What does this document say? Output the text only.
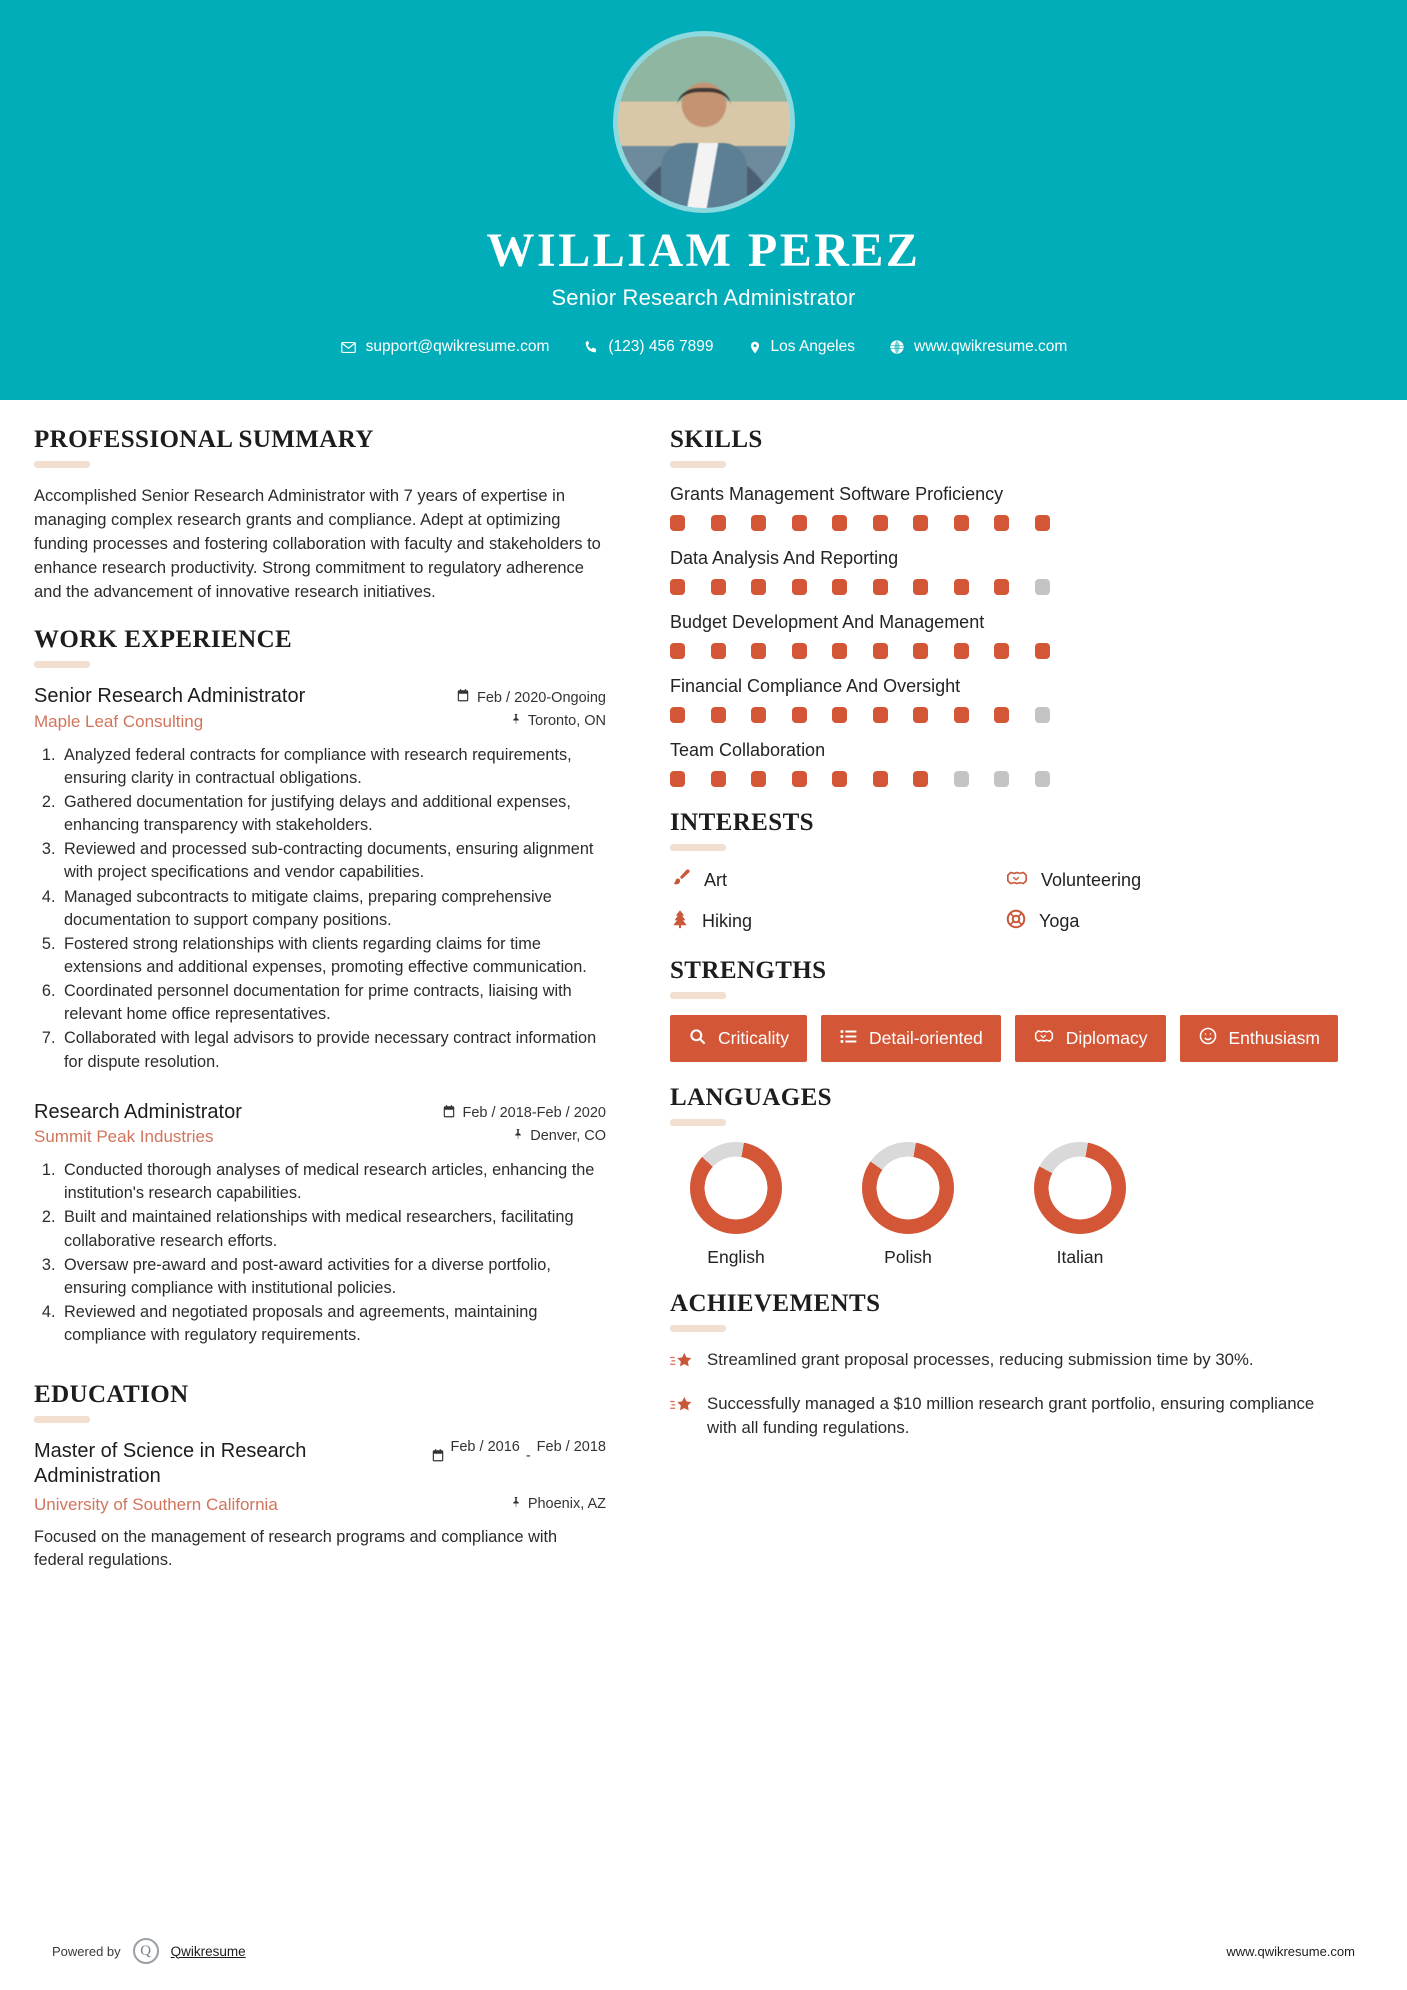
WILLIAM PEREZ
Senior Research Administrator
support@qwikresume.com	(123) 456 7899	Los Angeles	www.qwikresume.com
PROFESSIONAL SUMMARY
Accomplished Senior Research Administrator with 7 years of expertise in managing complex research grants and compliance. Adept at optimizing funding processes and fostering collaboration with faculty and stakeholders to enhance research productivity. Strong commitment to regulatory adherence and the advancement of innovative research initiatives.
WORK EXPERIENCE
Senior Research Administrator	Feb / 2020-Ongoing
Maple Leaf Consulting	Toronto, ON
1. Analyzed federal contracts for compliance with research requirements, ensuring clarity in contractual obligations.
2. Gathered documentation for justifying delays and additional expenses, enhancing transparency with stakeholders.
3. Reviewed and processed sub-contracting documents, ensuring alignment with project specifications and vendor capabilities.
4. Managed subcontracts to mitigate claims, preparing comprehensive documentation to support company positions.
5. Fostered strong relationships with clients regarding claims for time extensions and additional expenses, promoting effective communication.
6. Coordinated personnel documentation for prime contracts, liaising with relevant home office representatives.
7. Collaborated with legal advisors to provide necessary contract information for dispute resolution.
Research Administrator	Feb / 2018-Feb / 2020
Summit Peak Industries	Denver, CO
1. Conducted thorough analyses of medical research articles, enhancing the institution's research capabilities.
2. Built and maintained relationships with medical researchers, facilitating collaborative research efforts.
3. Oversaw pre-award and post-award activities for a diverse portfolio, ensuring compliance with institutional policies.
4. Reviewed and negotiated proposals and agreements, maintaining compliance with regulatory requirements.
EDUCATION
Master of Science in Research Administration
Feb / 2016
-
Feb / 2018
University of Southern California	Phoenix, AZ
Focused on the management of research programs and compliance with federal regulations.
SKILLS
Grants Management Software Proficiency
Data Analysis And Reporting
Budget Development And Management
Financial Compliance And Oversight
Team Collaboration
INTERESTS
Art	Volunteering
Hiking	Yoga
STRENGTHS
Criticality	Detail-oriented	Diplomacy	Enthusiasm
LANGUAGES
English	Polish	Italian
ACHIEVEMENTS
Streamlined grant proposal processes, reducing submission time by 30%.
Successfully managed a $10 million research grant portfolio, ensuring compliance with all funding regulations.
Powered by	Q	Qwikresume	www.qwikresume.com
